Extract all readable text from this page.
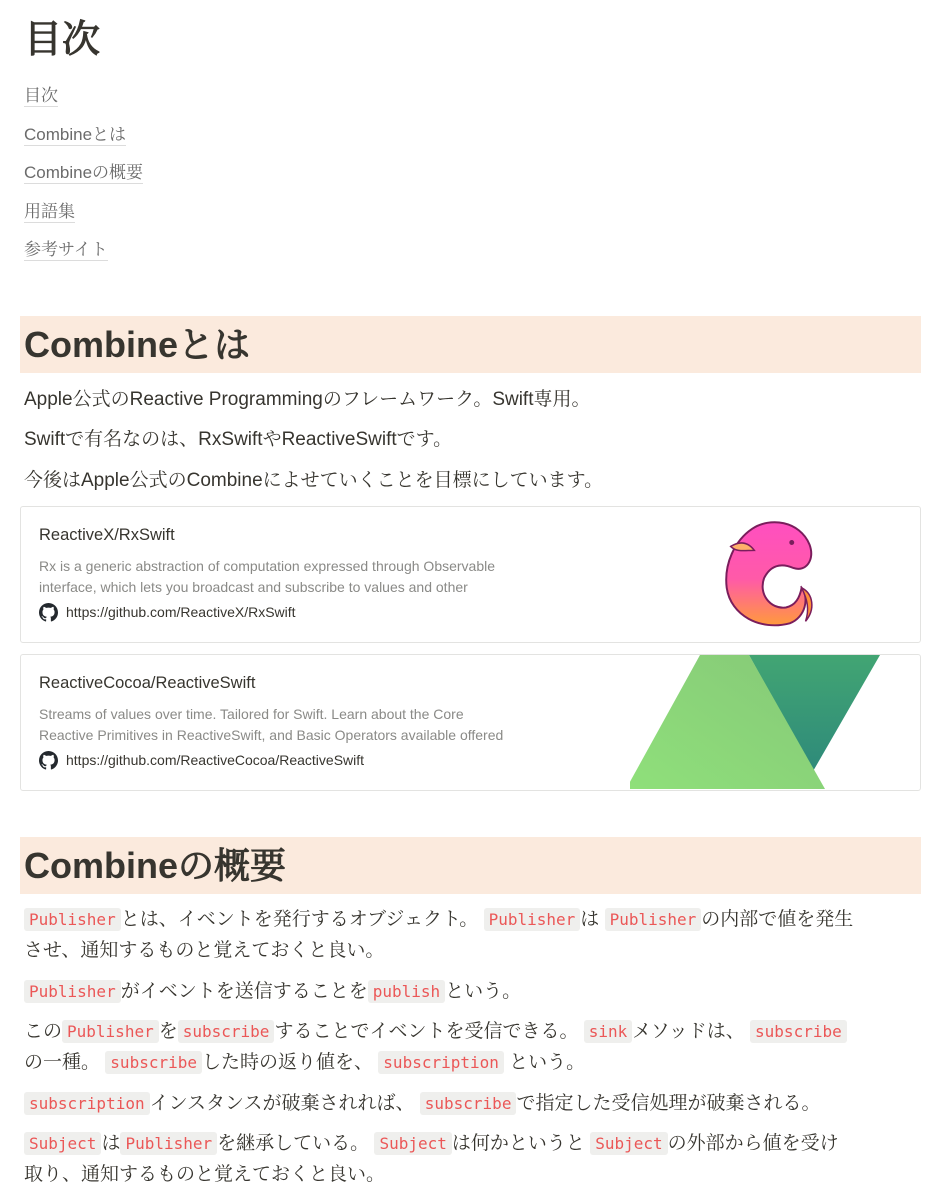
目次
目次
Combineとは
Combineの概要
用語集
参考サイト
Combineとは

Apple公式のReactive Programmingのフレームワーク。Swift専用。

Swiftで有名なのは、RxSwiftやReactiveSwiftです。

今後はApple公式のCombineによせていくことを目標にしています。

ReactiveX/RxSwift
Rx is a generic abstraction of computation expressed through Observable
interface, which lets you broadcast and subscribe to values and other
https://github.com/ReactiveX/RxSwift
ReactiveCocoa/ReactiveSwift
Streams of values over time. Tailored for Swift. Learn about the Core
Reactive Primitives in ReactiveSwift, and Basic Operators available offered
https://github.com/ReactiveCocoa/ReactiveSwift
Combineの概要

Publisher とは、イベントを発行するオブジェクト。 Publisher は Publisher の内部で値を発生
させ、通知するものと覚えておくと良い。

Publisher がイベントを送信することを publish という。

この Publisher を subscribe することでイベントを受信できる。 sink メソッドは、 subscribe
の一種。 subscribe した時の返り値を、 subscription という。

subscription インスタンスが破棄されれば、 subscribe で指定した受信処理が破棄される。

Subject は Publisher を継承している。 Subject は何かというと Subject の外部から値を受け
取り、通知するものと覚えておくと良い。
